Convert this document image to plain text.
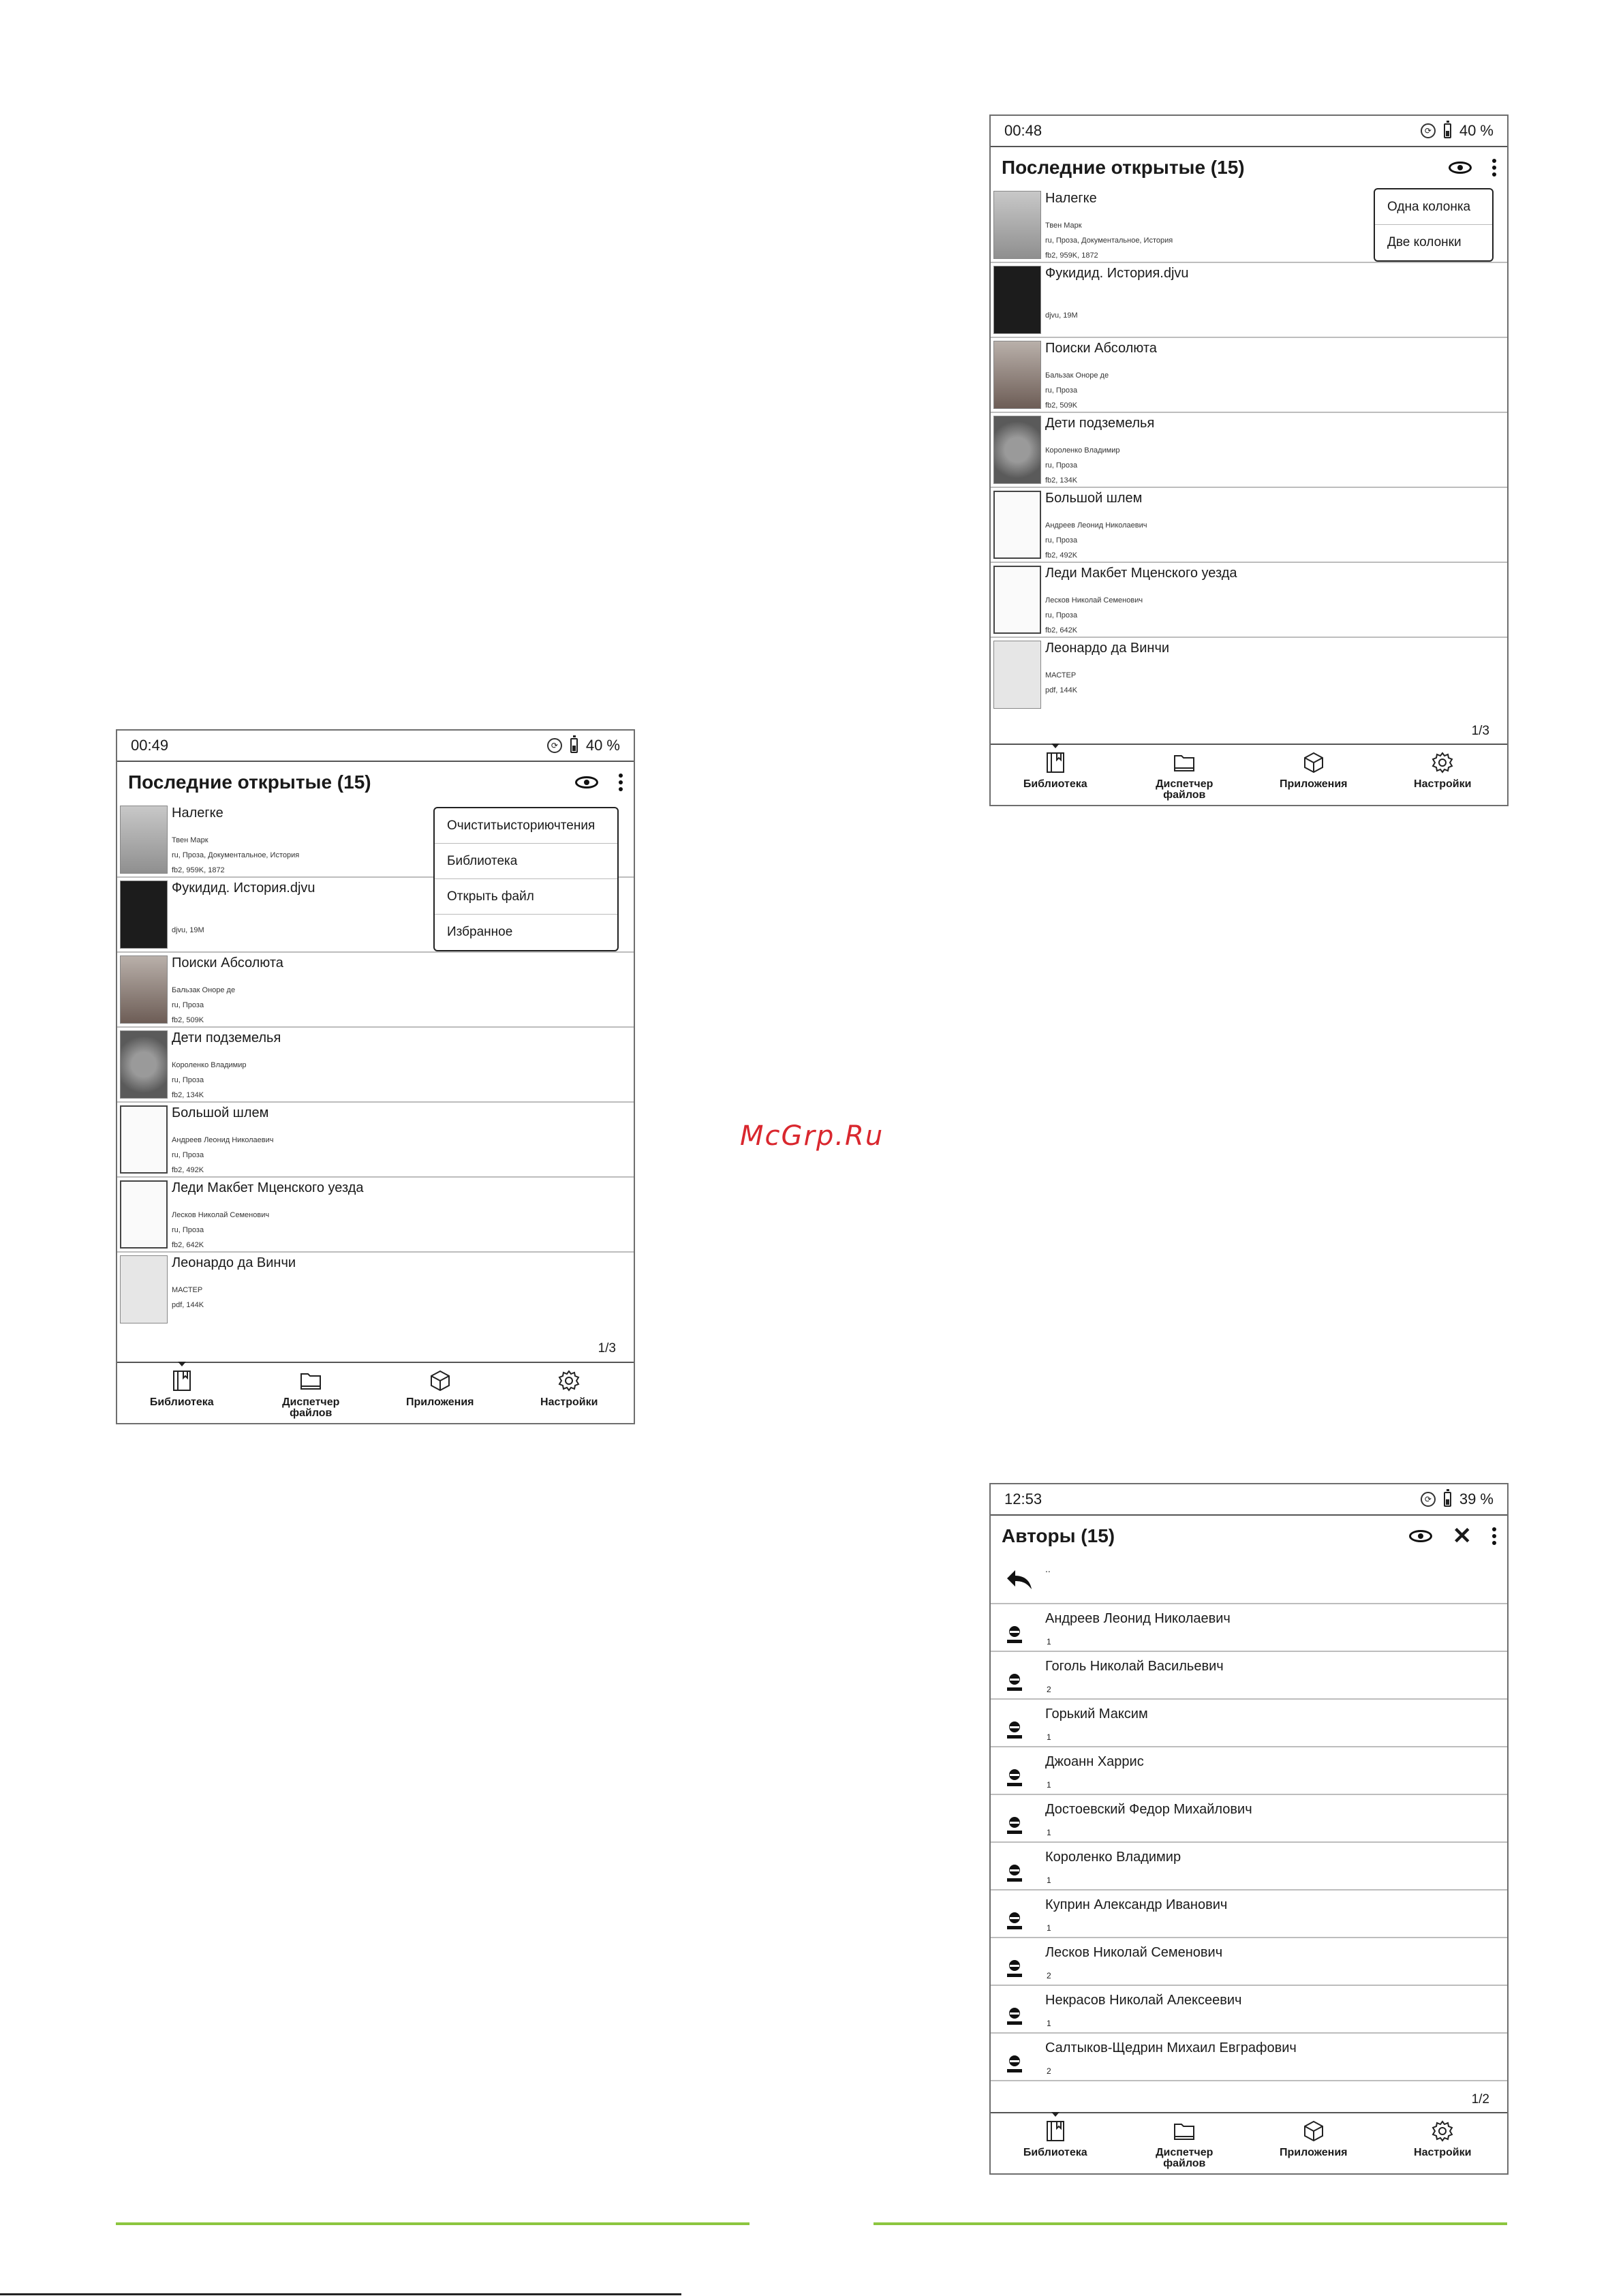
00:49	⟳ 40 %
Последние открытые (15)
Налегке
Твен Марк
ru, Проза, Документальное, История
fb2, 959K, 1872
Фукидид. История.djvu
djvu, 19M
Поиски Абсолюта
Бальзак Оноре де
ru, Проза
fb2, 509K
Дети подземелья
Короленко Владимир
ru, Проза
fb2, 134K
Большой шлем
Андреев Леонид Николаевич
ru, Проза
fb2, 492K
Леди Макбет Мценского уезда
Лесков Николай Семенович
ru, Проза
fb2, 642K
Леонардо да Винчи
МАСТЕР
pdf, 144K
1/3
Очиститьисториючтения
Библиотека
Открыть файл
Избранное
Библиотека	Диспетчер
файлов
Приложения	Настройки
00:48	⟳ 40 %
Последние открытые (15)
Налегке
Твен Марк
ru, Проза, Документальное, История
fb2, 959K, 1872
Фукидид. История.djvu
djvu, 19M
Поиски Абсолюта
Бальзак Оноре де
ru, Проза
fb2, 509K
Дети подземелья
Короленко Владимир
ru, Проза
fb2, 134K
Большой шлем
Андреев Леонид Николаевич
ru, Проза
fb2, 492K
Леди Макбет Мценского уезда
Лесков Николай Семенович
ru, Проза
fb2, 642K
Леонардо да Винчи
МАСТЕР
pdf, 144K
1/3
Одна колонка
Две колонки
Библиотека	Диспетчер
файлов
Приложения	Настройки
McGrp.Ru
12:53	⟳ 39 %
Авторы (15)	✕
..
Андреев Леонид Николаевич
1
Гоголь Николай Васильевич
2
Горький Максим
1
Джоанн Харрис
1
Достоевский Федор Михайлович
1
Короленко Владимир
1
Куприн Александр Иванович
1
Лесков Николай Семенович
2
Некрасов Николай Алексеевич
1
Салтыков-Щедрин Михаил Евграфович
2
1/2
Библиотека	Диспетчер
файлов
Приложения	Настройки
